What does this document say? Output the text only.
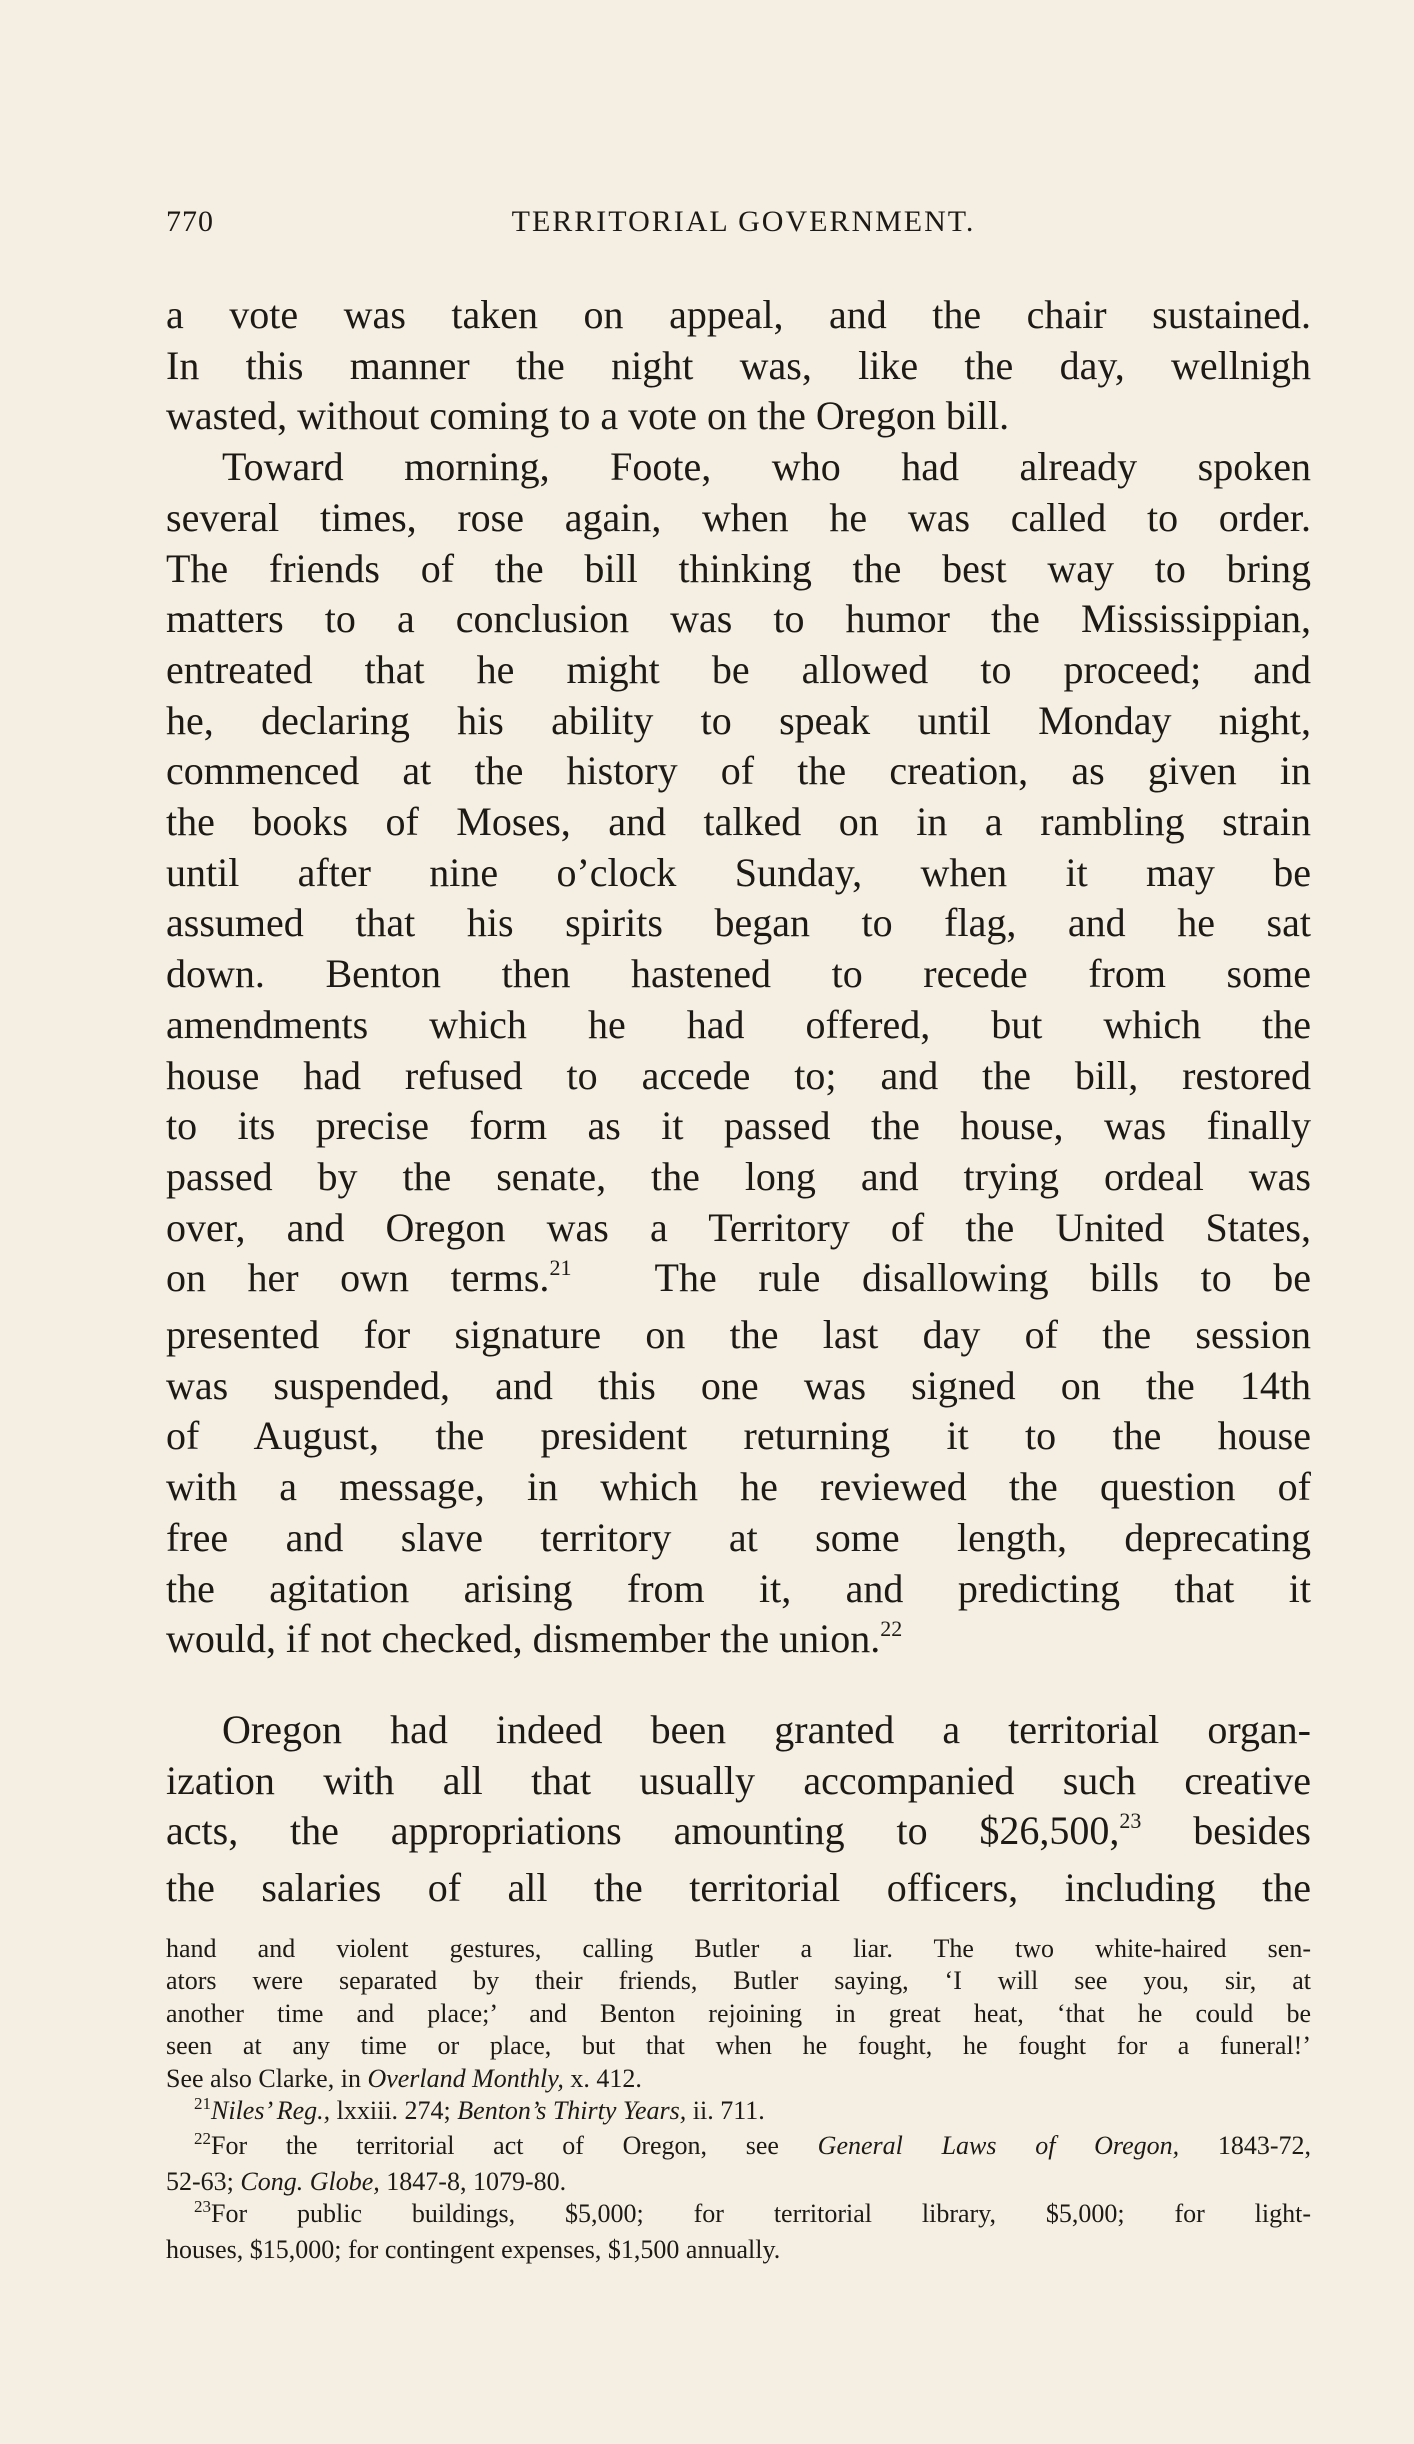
770	TERRITORIAL GOVERNMENT.
a vote was taken on appeal, and the chair sustained.
In this manner the night was, like the day, wellnigh
wasted, without coming to a vote on the Oregon bill.
Toward morning, Foote, who had already spoken
several times, rose again, when he was called to order.
The friends of the bill thinking the best way to bring
matters to a conclusion was to humor the Mississippian,
entreated that he might be allowed to proceed; and
he, declaring his ability to speak until Monday night,
commenced at the history of the creation, as given in
the books of Moses, and talked on in a rambling strain
until after nine o’clock Sunday, when it may be
assumed that his spirits began to flag, and he sat
down. Benton then hastened to recede from some
amendments which he had offered, but which the
house had refused to accede to; and the bill, restored
to its precise form as it passed the house, was finally
passed by the senate, the long and trying ordeal was
over, and Oregon was a Territory of the United States,
on her own terms.$^{21}$ The rule disallowing bills to be
presented for signature on the last day of the session
was suspended, and this one was signed on the 14th
of August, the president returning it to the house
with a message, in which he reviewed the question of
free and slave territory at some length, deprecating
the agitation arising from it, and predicting that it
would, if not checked, dismember the union.$^{22}$
Oregon had indeed been granted a territorial organ-
ization with all that usually accompanied such creative
acts, the appropriations amounting to $26,500,23 besides
the salaries of all the territorial officers, including the
hand and violent gestures, calling Butler a liar. The two white-haired sen-
ators were separated by their friends, Butler saying, ‘I will see you, sir, at
another time and place;’ and Benton rejoining in great heat, ‘that he could be
seen at any time or place, but that when he fought, he fought for a funeral!’
See also Clarke, in Overland Monthly, x. 412.
$^{21}$Niles’ Reg., lxxiii. 274; Benton’s Thirty Years, ii. 711.
$^{22}$For the territorial act of Oregon, see General Laws of Oregon, 1843-72,
52-63; Cong. Globe, 1847-8, 1079-80.
$^{23}$For public buildings, $5,000; for territorial library, $5,000; for light-
houses, $15,000; for contingent expenses, $1,500 annually.
